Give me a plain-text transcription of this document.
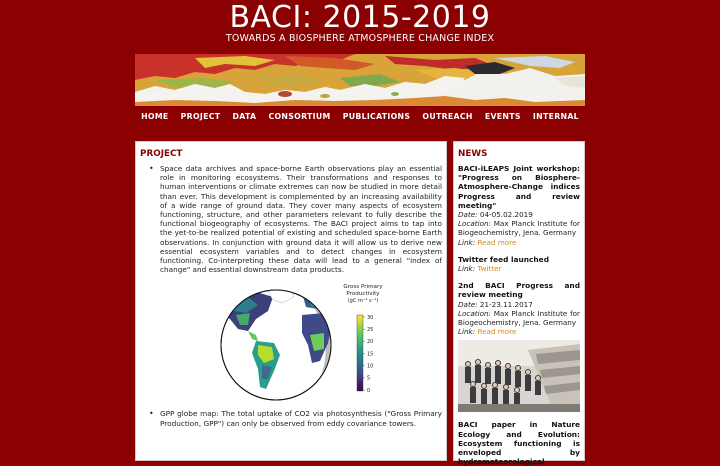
BACI: 2015-2019
TOWARDS A BIOSPHERE ATMOSPHERE CHANGE INDEX
HOME PROJECT DATA CONSORTIUM PUBLICATIONS OUTREACH EVENTS INTERNAL
PROJECT

• Space data archives and space-borne Earth observations play an essential role in monitoring ecosystems. Their transformations and responses to human interventions or climate extremes can now be studied in more detail than ever. This development is complemented by an increasing availability of a wide range of ground data. They cover many aspects of ecosystem functioning, structure, and other parameters relevant to fully describe the functional biogeography of ecosystems. The BACI project aims to tap into the yet-to-be realized potential of existing and scheduled space-borne Earth observations. In conjunction with ground data it will allow us to derive new essential ecosystem variables and to detect changes in ecosystem functioning. Co-interpreting these data will lead to a general "index of change" and essential downstream data products.

Gross Primary
Productivity
(gC m⁻² s⁻¹)
30
25
20
15
10
5
0

• GPP globe map: The total uptake of CO2 via photosynthesis ("Gross Primary Production, GPP") can only be observed from eddy covariance towers.

NEWS
BACI-iLEAPS Joint workshop: "Progress on Biosphere-Atmosphere-Change indices Progress and review meeting"
Date: 04-05.02.2019
Location: Max Planck Institute for Biogeochemistry, Jena. Germany
Link: Read more
Twitter feed launched
Link: Twitter
2nd BACI Progress and review meeting
Date: 21-23.11.2017
Location: Max Planck Institute for Biogeochemistry, Jena. Germany
Link: Read more
BACI paper in Nature Ecology and Evolution: Ecosystem functioning is enveloped by hydrometeorological
